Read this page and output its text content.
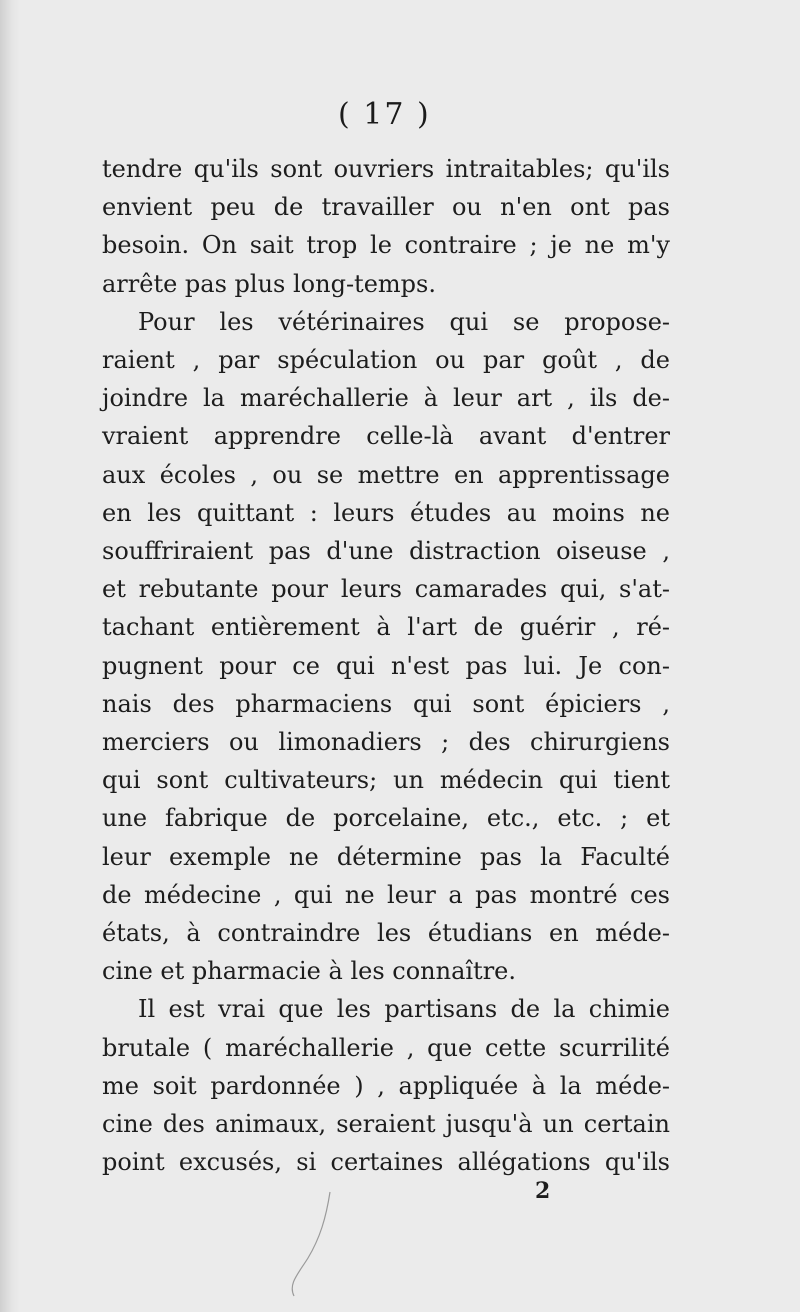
( 17 )
tendre qu'ils sont ouvriers intraitables; qu'ils
envient peu de travailler ou n'en ont pas
besoin. On sait trop le contraire ; je ne m'y
arrête pas plus long-temps.
Pour les vétérinaires qui se propose-
raient , par spéculation ou par goût , de
joindre la maréchallerie à leur art , ils de-
vraient apprendre celle-là avant d'entrer
aux écoles , ou se mettre en apprentissage
en les quittant : leurs études au moins ne
souffriraient pas d'une distraction oiseuse ,
et rebutante pour leurs camarades qui, s'at-
tachant entièrement à l'art de guérir , ré-
pugnent pour ce qui n'est pas lui. Je con-
nais des pharmaciens qui sont épiciers ,
merciers ou limonadiers ; des chirurgiens
qui sont cultivateurs; un médecin qui tient
une fabrique de porcelaine, etc., etc. ; et
leur exemple ne détermine pas la Faculté
de médecine , qui ne leur a pas montré ces
états, à contraindre les étudians en méde-
cine et pharmacie à les connaître.
Il est vrai que les partisans de la chimie
brutale ( maréchallerie , que cette scurrilité
me soit pardonnée ) , appliquée à la méde-
cine des animaux, seraient jusqu'à un certain
point excusés, si certaines allégations qu'ils
2
